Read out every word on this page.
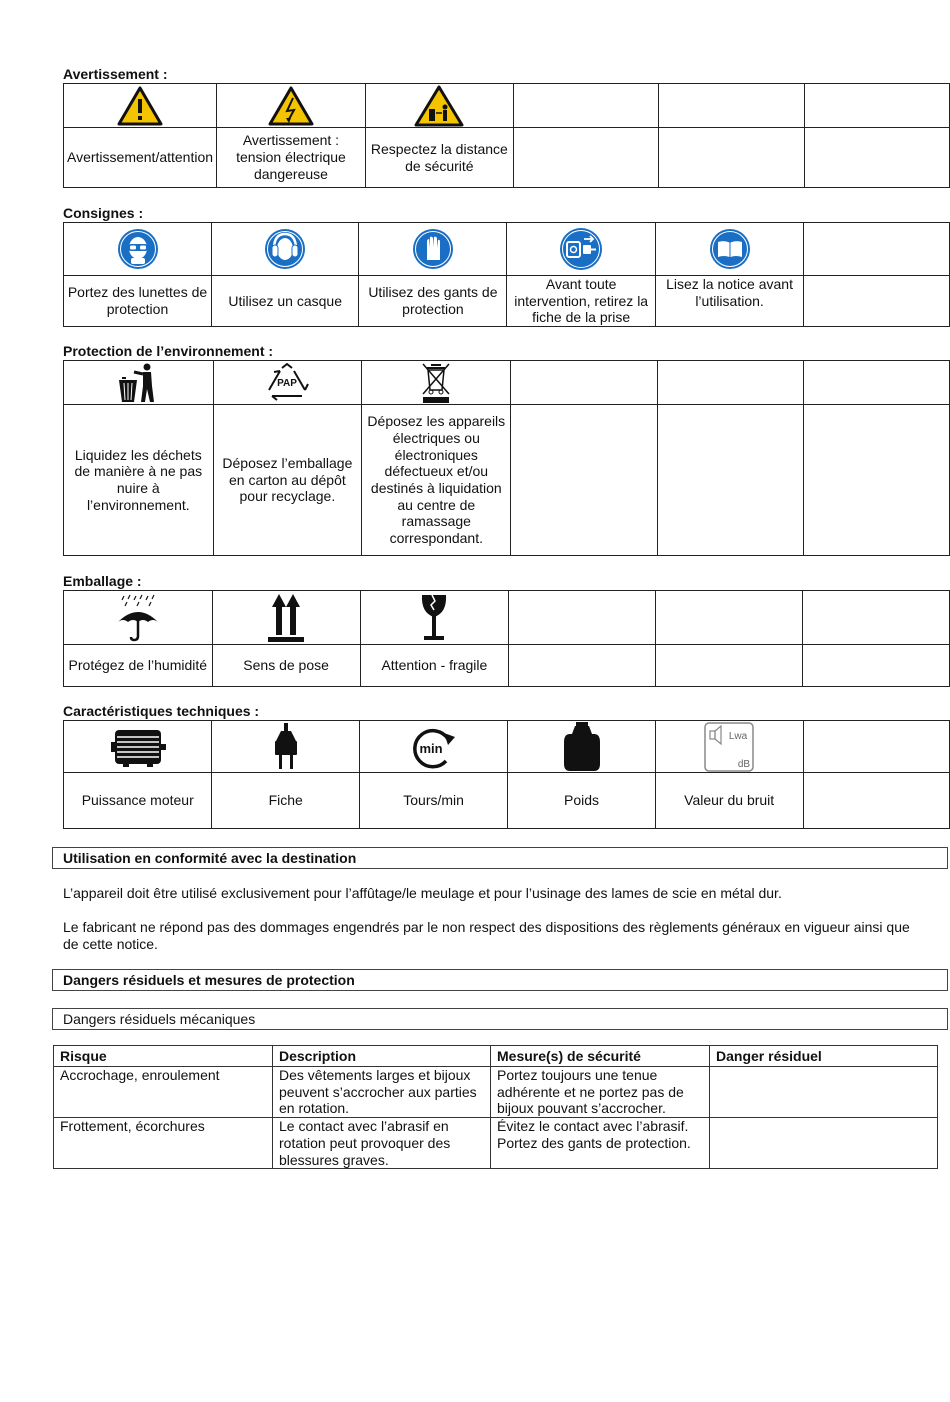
Avertissement :

Avertissement/attention	Avertissement : tension électrique dangereuse	Respectez la distance de sécurité			
Consignes :

Portez des lunettes de protection	Utilisez un casque	Utilisez des gants de protection	Avant toute intervention, retirez la fiche de la prise	Lisez la notice avant l’utilisation.	
Protection de l’environnement :

PAP

Liquidez les déchets de manière à ne pas nuire à l’environnement.	Déposez l’emballage en carton au dépôt pour recyclage.	Déposez les appareils électriques ou électroniques défectueux et/ou destinés à liquidation au centre de ramassage correspondant.			
Emballage :

Protégez de l’humidité	Sens de pose	Attention - fragile			
Caractéristiques techniques :

min		Lwa
dB	

Puissance moteur	Fiche	Tours/min	Poids	Valeur du bruit	
Utilisation en conformité avec la destination
L’appareil doit être utilisé exclusivement pour l’affûtage/le meulage et pour l’usinage des lames de scie en métal dur.
Le fabricant ne répond pas des dommages engendrés par le non respect des dispositions des règlements généraux en vigueur ainsi que de cette notice.
Dangers résiduels et mesures de protection
Dangers résiduels mécaniques
Risque	Description	Mesure(s) de sécurité	Danger résiduel
Accrochage, enroulement	Des vêtements larges et bijoux peuvent s’accrocher aux parties en rotation.	Portez toujours une tenue adhérente et ne portez pas de bijoux pouvant s’accrocher.	
Frottement, écorchures	Le contact avec l’abrasif en rotation peut provoquer des blessures graves.	Évitez le contact avec l’abrasif. Portez des gants de protection.	
